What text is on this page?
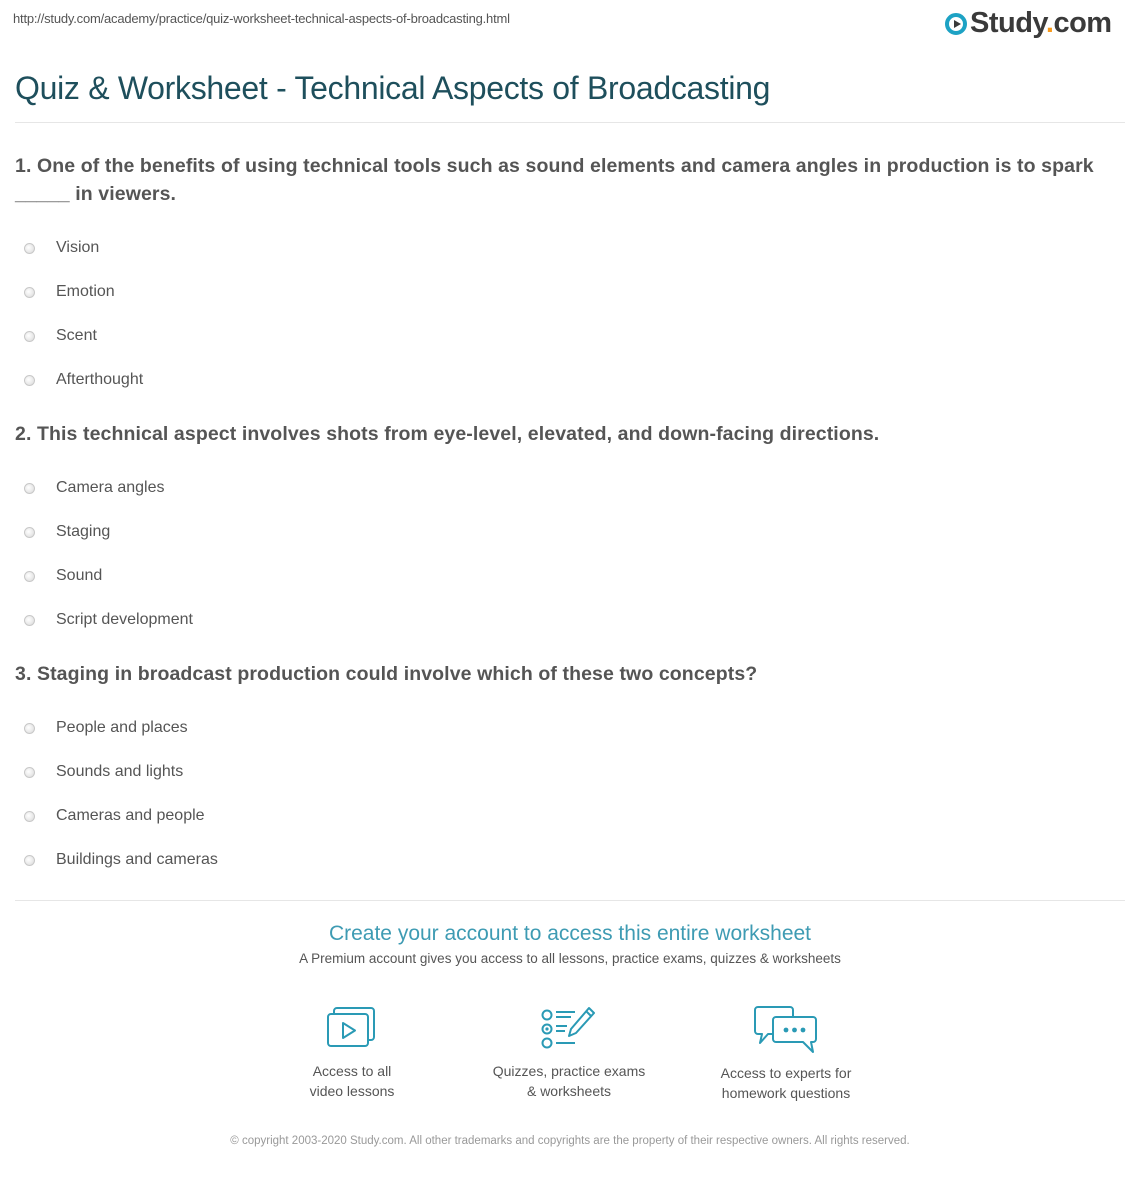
http://study.com/academy/practice/quiz-worksheet-technical-aspects-of-broadcasting.html	Study.com
Quiz & Worksheet - Technical Aspects of Broadcasting
1. One of the benefits of using technical tools such as sound elements and camera angles in production is to spark _____ in viewers.
Vision
Emotion
Scent
Afterthought
2. This technical aspect involves shots from eye-level, elevated, and down-facing directions.
Camera angles
Staging
Sound
Script development
3. Staging in broadcast production could involve which of these two concepts?
People and places
Sounds and lights
Cameras and people
Buildings and cameras
Create your account to access this entire worksheet
A Premium account gives you access to all lessons, practice exams, quizzes & worksheets
Access to all
video lessons
Quizzes, practice exams
& worksheets
Access to experts for
homework questions
© copyright 2003-2020 Study.com. All other trademarks and copyrights are the property of their respective owners. All rights reserved.
